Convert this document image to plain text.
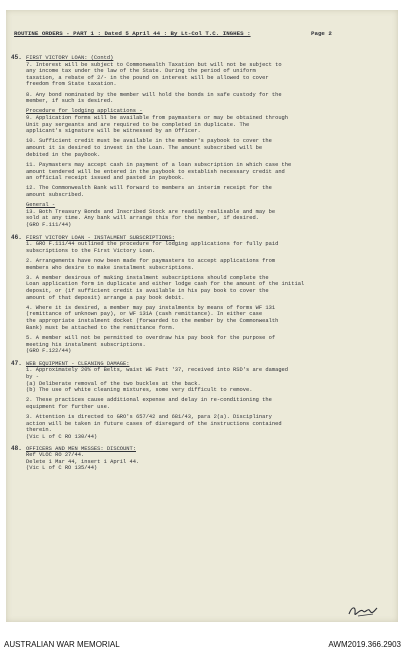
ROUTINE ORDERS - PART 1 : Dated 5 April 44 : By Lt-Col T.C. INGHES :	Page 2
45. FIRST VICTORY LOAN: (Contd)
7. Interest will be subject to Commonwealth Taxation but will not be subject to
any income tax under the law of the State. During the period of uniform
taxation, a rebate of 2/- in the pound on interest will be allowed to cover
freedom from State taxation.
8. Any bond nominated by the member will hold the bonds in safe custody for the
member, if such is desired.
Procedure for lodging applications -
9. Application forms will be available from paymasters or may be obtained through
Unit pay sergeants and are required to be completed in duplicate. The
applicant's signature will be witnessed by an Officer.
10. Sufficient credit must be available in the member's paybook to cover the
amount it is desired to invest in the Loan. The amount subscribed will be
debited in the paybook.
11. Paymasters may accept cash in payment of a loan subscription in which case the
amount tendered will be entered in the paybook to establish necessary credit and
an official receipt issued and pasted in paybook.
12. The Commonwealth Bank will forward to members an interim receipt for the
amount subscribed.
General -
13. Both Treasury Bonds and Inscribed Stock are readily realisable and may be
sold at any time. Any bank will arrange this for the member, if desired.
(GRO F.111/44)
46. FIRST VICTORY LOAN - INSTALMENT SUBSCRIPTIONS:
1. GRO F.111/44 outlined the procedure for lodging applications for fully paid
subscriptions to the First Victory Loan.
2. Arrangements have now been made for paymasters to accept applications from
members who desire to make instalment subscriptions.
3. A member desirous of making instalment subscriptions should complete the
Loan application form in duplicate and either lodge cash for the amount of the initial
deposit, or (if sufficient credit is available in his pay book to cover the
amount of that deposit) arrange a pay book debit.
4. Where it is desired, a member may pay instalments by means of forms WF 131
(remittance of unknown pay), or WF 131A (cash remittance). In either case
the appropriate instalment docket (forwarded to the member by the Commonwealth
Bank) must be attached to the remittance form.
5. A member will not be permitted to overdraw his pay book for the purpose of
meeting his instalment subscriptions.
(GRO F.122/44)
47. WEB EQUIPMENT - CLEANING DAMAGE:
1. Approximately 20% of Belts, waist WE Patt '37, received into RSD's are damaged
by -
(a) Deliberate removal of the two buckles at the back.
(b) The use of white cleaning mixtures, some very difficult to remove.
2. These practices cause additional expense and delay in re-conditioning the
equipment for further use.
3. Attention is directed to GRO's 657/42 and 681/43, para 2(a). Disciplinary
action will be taken in future cases of disregard of the instructions contained
therein.
(Vic L of C RO 130/44)
48. OFFICERS AND MEN MESSES: DISCOUNT:
Ref VLOC RO 27/44.
Delete 1 Mar 44, insert 1 April 44.
(Vic L of C RO 135/44)
AUSTRALIAN WAR MEMORIAL	AWM2019.366.2903
